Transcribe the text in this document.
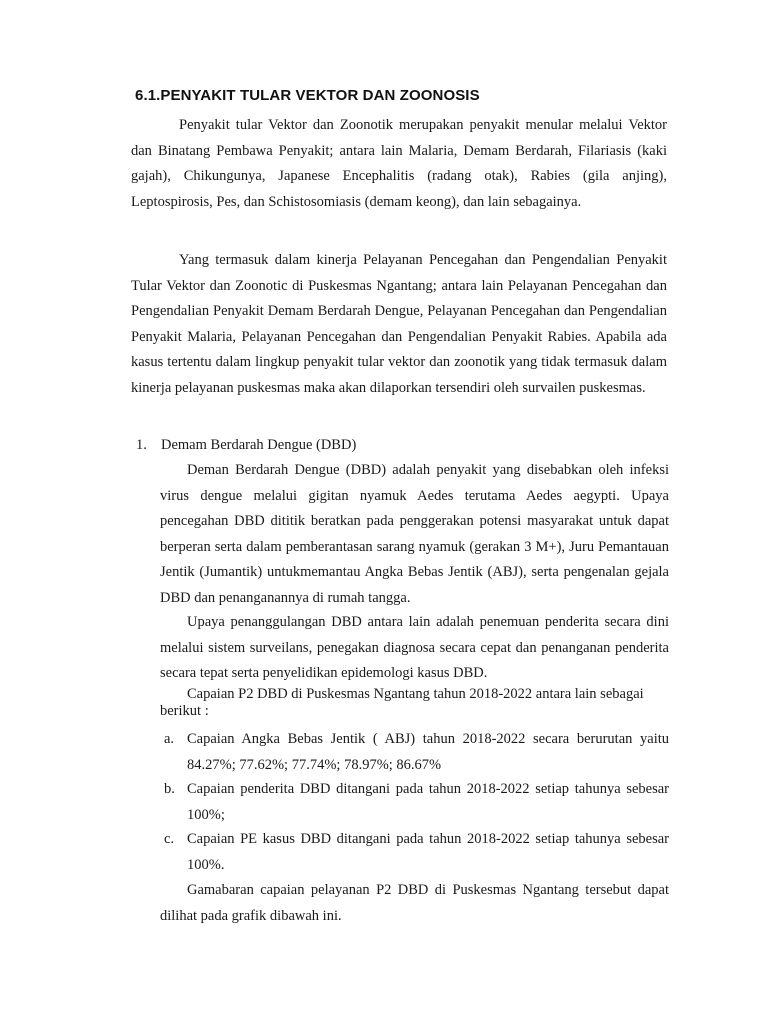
6.1.PENYAKIT TULAR VEKTOR DAN ZOONOSIS

Penyakit tular Vektor dan Zoonotik merupakan penyakit menular melalui Vektor dan Binatang Pembawa Penyakit; antara lain Malaria, Demam Berdarah, Filariasis (kaki gajah), Chikungunya, Japanese Encephalitis (radang otak), Rabies (gila anjing), Leptospirosis, Pes, dan Schistosomiasis (demam keong), dan lain sebagainya.

Yang termasuk dalam kinerja Pelayanan Pencegahan dan Pengendalian Penyakit Tular Vektor dan Zoonotic di Puskesmas Ngantang; antara lain Pelayanan Pencegahan dan Pengendalian Penyakit Demam Berdarah Dengue, Pelayanan Pencegahan dan Pengendalian Penyakit Malaria, Pelayanan Pencegahan dan Pengendalian Penyakit Rabies. Apabila ada kasus tertentu dalam lingkup penyakit tular vektor dan zoonotik yang tidak termasuk dalam kinerja pelayanan puskesmas maka akan dilaporkan tersendiri oleh survailen puskesmas.

1. Demam Berdarah Dengue (DBD)

Deman Berdarah Dengue (DBD) adalah penyakit yang disebabkan oleh infeksi virus dengue melalui gigitan nyamuk Aedes terutama Aedes aegypti. Upaya pencegahan DBD dititik beratkan pada penggerakan potensi masyarakat untuk dapat berperan serta dalam pemberantasan sarang nyamuk (gerakan 3 M+), Juru Pemantauan Jentik (Jumantik) untukmemantau Angka Bebas Jentik (ABJ), serta pengenalan gejala DBD dan penanganannya di rumah tangga.

Upaya penanggulangan DBD antara lain adalah penemuan penderita secara dini melalui sistem surveilans, penegakan diagnosa secara cepat dan penanganan penderita secara tepat serta penyelidikan epidemologi kasus DBD.

Capaian P2 DBD di Puskesmas Ngantang tahun 2018-2022 antara lain sebagai berikut :

a. Capaian Angka Bebas Jentik ( ABJ) tahun 2018-2022 secara berurutan yaitu 84.27%; 77.62%; 77.74%; 78.97%; 86.67%

b. Capaian penderita DBD ditangani pada tahun 2018-2022 setiap tahunya sebesar 100%;

c. Capaian PE kasus DBD ditangani pada tahun 2018-2022 setiap tahunya sebesar 100%.

Gamabaran capaian pelayanan P2 DBD di Puskesmas Ngantang tersebut dapat dilihat pada grafik dibawah ini.
